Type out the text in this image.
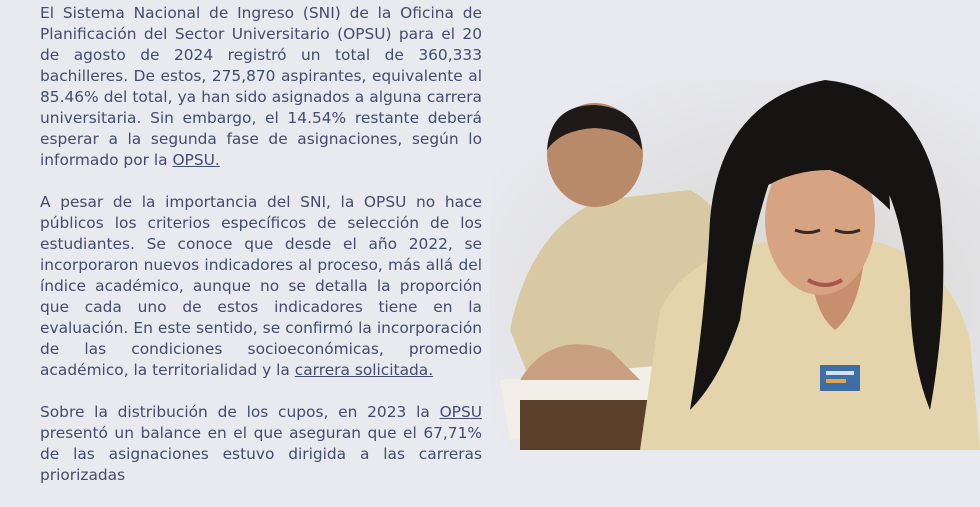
El Sistema Nacional de Ingreso (SNI) de la Oficina de Planificación del Sector Universitario (OPSU) para el 20 de agosto de 2024 registró un total de 360,333 bachilleres. De estos, 275,870 aspirantes, equivalente al 85.46% del total, ya han sido asignados a alguna carrera universitaria. Sin embargo, el 14.54% restante deberá esperar a la segunda fase de asignaciones, según lo informado por la OPSU.

A pesar de la importancia del SNI, la OPSU no hace públicos los criterios específicos de selección de los estudiantes. Se conoce que desde el año 2022, se incorporaron nuevos indicadores al proceso, más allá del índice académico, aunque no se detalla la proporción que cada uno de estos indicadores tiene en la evaluación. En este sentido, se confirmó la incorporación de las condiciones socioeconómicas, promedio académico, la territorialidad y la carrera solicitada.

Sobre la distribución de los cupos, en 2023 la OPSU presentó un balance en el que aseguran que el 67,71% de las asignaciones estuvo dirigida a las carreras priorizadas
